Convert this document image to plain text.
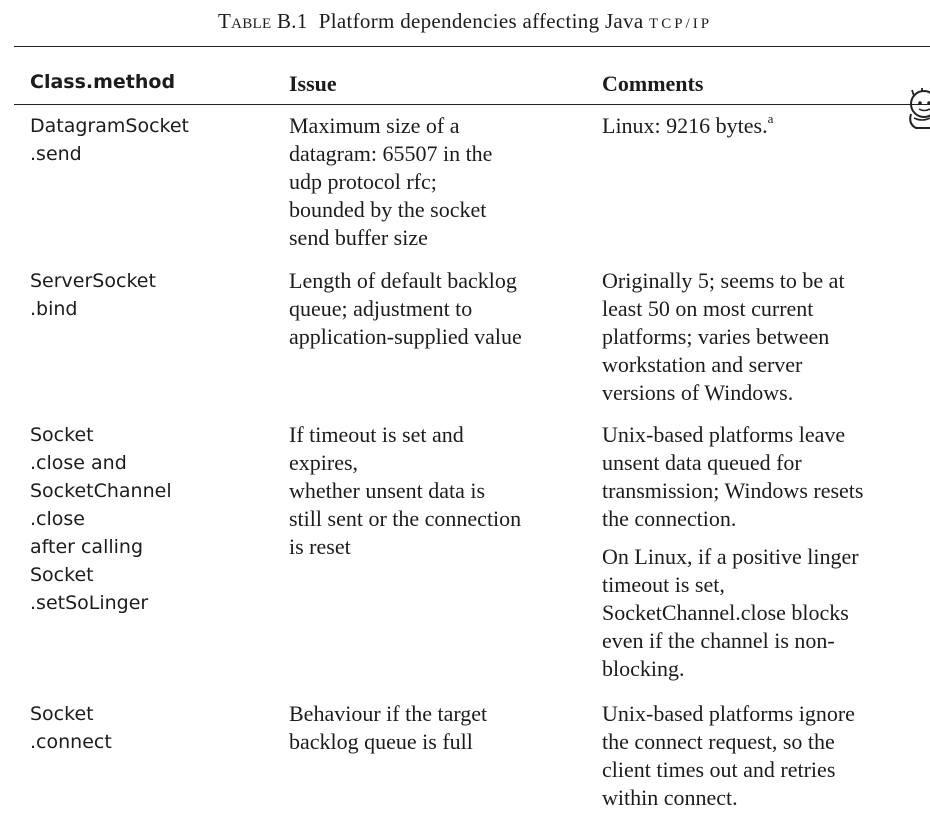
Table B.1 Platform dependencies affecting Java TCP/IP
Class.method	Issue	Comments
DatagramSocket
.send
Maximum size of a
datagram: 65507 in the
udp protocol rfc;
bounded by the socket
send buffer size
Linux: 9216 bytes.$^a$
ServerSocket
.bind
Length of default backlog
queue; adjustment to
application-supplied value
Originally 5; seems to be at
least 50 on most current
platforms; varies between
workstation and server
versions of Windows.
Socket
.close and
SocketChannel
.close
after calling
Socket
.setSoLinger
If timeout is set and
expires,
whether unsent data is
still sent or the connection
is reset
Unix-based platforms leave
unsent data queued for
transmission; Windows resets
the connection.
On Linux, if a positive linger
timeout is set,
SocketChannel.close blocks
even if the channel is non-
blocking.
Socket
.connect
Behaviour if the target
backlog queue is full
Unix-based platforms ignore
the connect request, so the
client times out and retries
within connect.
